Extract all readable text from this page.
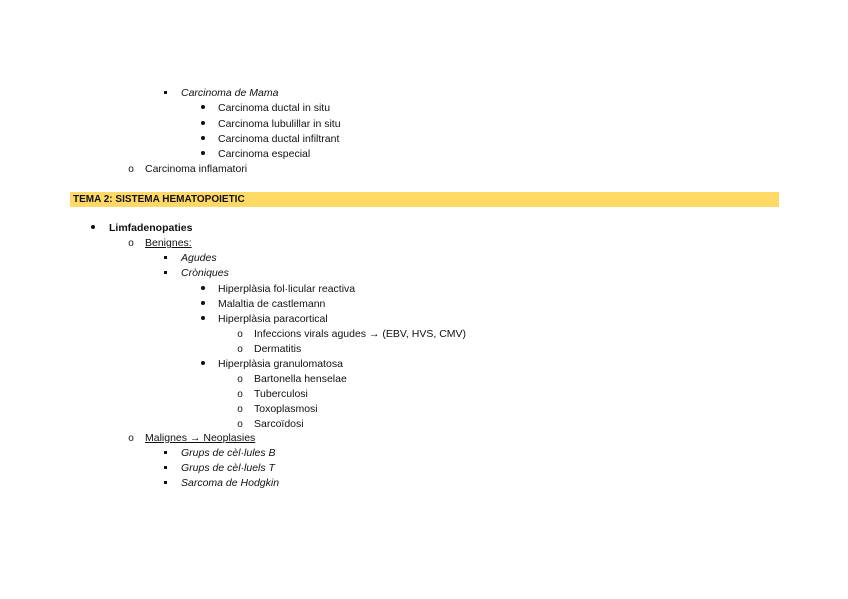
Carcinoma de Mama
Carcinoma ductal in situ
Carcinoma lubulillar in situ
Carcinoma ductal infiltrant
Carcinoma especial
o Carcinoma inflamatori
TEMA 2: SISTEMA HEMATOPOIETIC
Limfadenopaties
o Benignes:
Agudes
Cròniques
Hiperplàsia fol·licular reactiva
Malaltia de castlemann
Hiperplàsia paracortical
o Infeccions virals agudes → (EBV, HVS, CMV)
o Dermatitis
Hiperplàsia granulomatosa
o Bartonella henselae
o Tuberculosi
o Toxoplasmosi
o Sarcoïdosi
o Malignes → Neoplasies
Grups de cèl·lules B
Grups de cèl·luels T
Sarcoma de Hodgkin
